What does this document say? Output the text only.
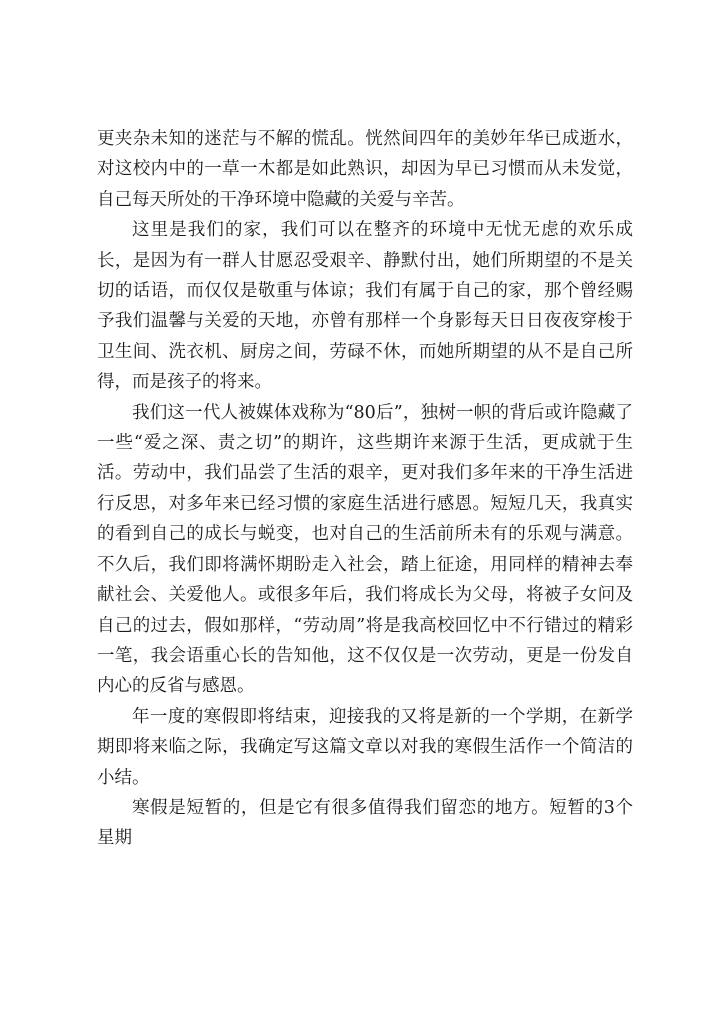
更夹杂未知的迷茫与不解的慌乱。恍然间四年的美妙年华已成逝水，对这校内中的一草一木都是如此熟识，却因为早已习惯而从未发觉，自己每天所处的干净环境中隐藏的关爱与辛苦。

这里是我们的家，我们可以在整齐的环境中无忧无虑的欢乐成长，是因为有一群人甘愿忍受艰辛、静默付出，她们所期望的不是关切的话语，而仅仅是敬重与体谅；我们有属于自己的家，那个曾经赐予我们温馨与关爱的天地，亦曾有那样一个身影每天日日夜夜穿梭于卫生间、洗衣机、厨房之间，劳碌不休，而她所期望的从不是自己所得，而是孩子的将来。

我们这一代人被媒体戏称为“80后”，独树一帜的背后或许隐藏了一些“爱之深、责之切”的期许，这些期许来源于生活，更成就于生活。劳动中，我们品尝了生活的艰辛，更对我们多年来的干净生活进行反思，对多年来已经习惯的家庭生活进行感恩。短短几天，我真实的看到自己的成长与蜕变，也对自己的生活前所未有的乐观与满意。不久后，我们即将满怀期盼走入社会，踏上征途，用同样的精神去奉献社会、关爱他人。或很多年后，我们将成长为父母，将被子女问及自己的过去，假如那样，“劳动周”将是我高校回忆中不行错过的精彩一笔，我会语重心长的告知他，这不仅仅是一次劳动，更是一份发自内心的反省与感恩。

年一度的寒假即将结束，迎接我的又将是新的一个学期，在新学期即将来临之际，我确定写这篇文章以对我的寒假生活作一个简洁的小结。

寒假是短暂的，但是它有很多值得我们留恋的地方。短暂的3个星期
